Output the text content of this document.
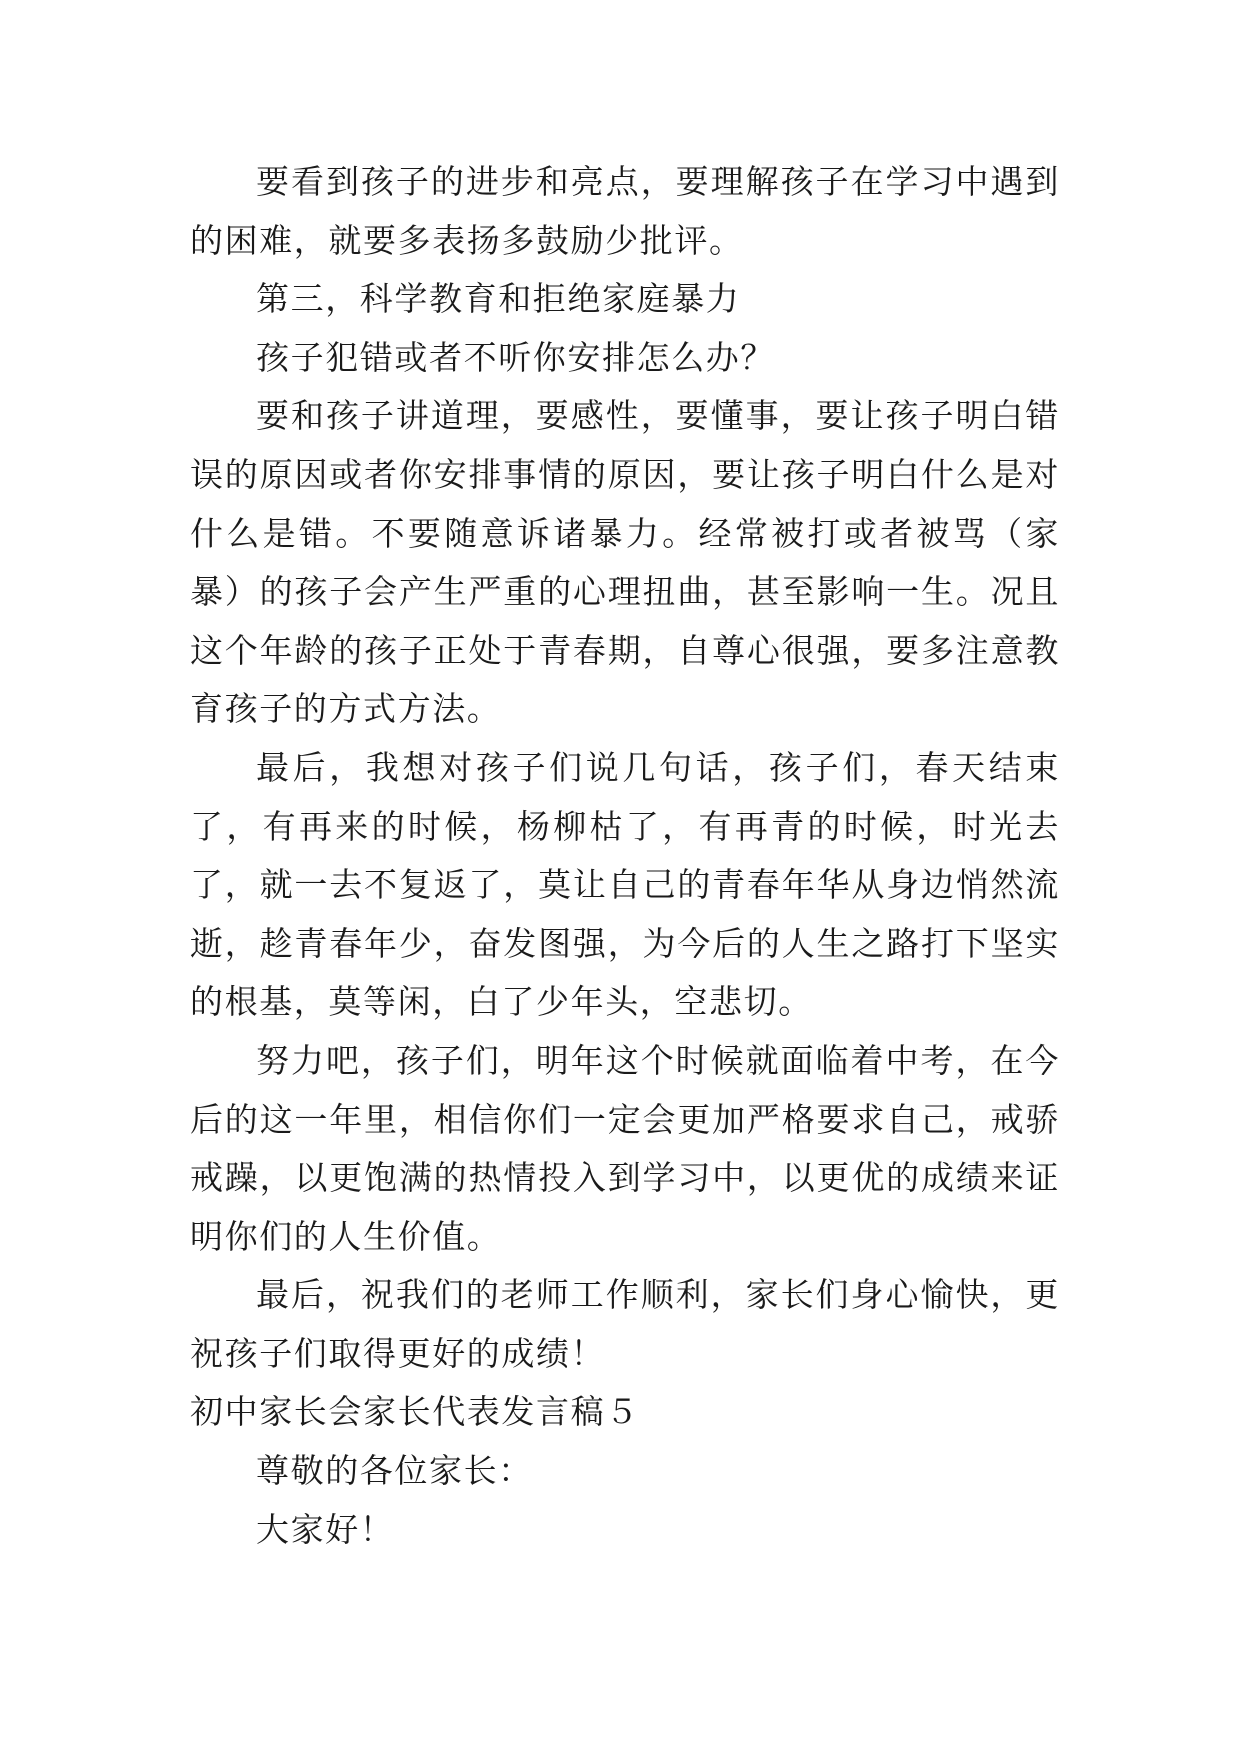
要看到孩子的进步和亮点，要理解孩子在学习中遇到的困难，就要多表扬多鼓励少批评。

第三，科学教育和拒绝家庭暴力

孩子犯错或者不听你安排怎么办？

要和孩子讲道理，要感性，要懂事，要让孩子明白错误的原因或者你安排事情的原因，要让孩子明白什么是对什么是错。不要随意诉诸暴力。经常被打或者被骂（家暴）的孩子会产生严重的心理扭曲，甚至影响一生。况且这个年龄的孩子正处于青春期，自尊心很强，要多注意教育孩子的方式方法。

最后，我想对孩子们说几句话，孩子们，春天结束了，有再来的时候，杨柳枯了，有再青的时候，时光去了，就一去不复返了，莫让自己的青春年华从身边悄然流逝，趁青春年少，奋发图强，为今后的人生之路打下坚实的根基，莫等闲，白了少年头，空悲切。

努力吧，孩子们，明年这个时候就面临着中考，在今后的这一年里，相信你们一定会更加严格要求自己，戒骄戒躁，以更饱满的热情投入到学习中，以更优的成绩来证明你们的人生价值。

最后，祝我们的老师工作顺利，家长们身心愉快，更祝孩子们取得更好的成绩！

初中家长会家长代表发言稿５

尊敬的各位家长：

大家好！
